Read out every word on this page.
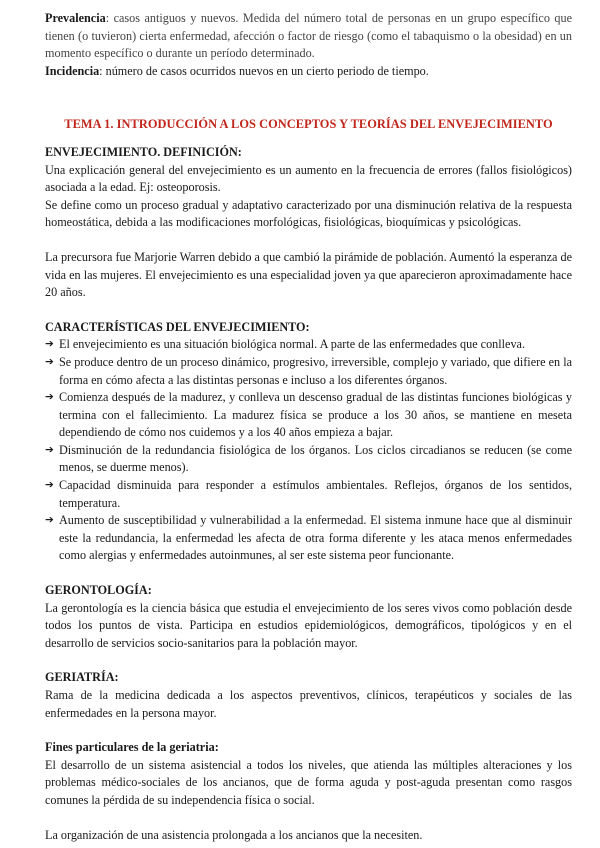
Prevalencia: casos antiguos y nuevos. Medida del número total de personas en un grupo específico que tienen (o tuvieron) cierta enfermedad, afección o factor de riesgo (como el tabaquismo o la obesidad) en un momento específico o durante un período determinado.

Incidencia: número de casos ocurridos nuevos en un cierto periodo de tiempo.

TEMA 1. INTRODUCCIÓN A LOS CONCEPTOS Y TEORÍAS DEL ENVEJECIMIENTO

ENVEJECIMIENTO. DEFINICIÓN:

Una explicación general del envejecimiento es un aumento en la frecuencia de errores (fallos fisiológicos) asociada a la edad. Ej: osteoporosis.

Se define como un proceso gradual y adaptativo caracterizado por una disminución relativa de la respuesta homeostática, debida a las modificaciones morfológicas, fisiológicas, bioquímicas y psicológicas.

La precursora fue Marjorie Warren debido a que cambió la pirámide de población. Aumentó la esperanza de vida en las mujeres. El envejecimiento es una especialidad joven ya que aparecieron aproximadamente hace 20 años.

CARACTERÍSTICAS DEL ENVEJECIMIENTO:

➔ El envejecimiento es una situación biológica normal. A parte de las enfermedades que conlleva.
➔ Se produce dentro de un proceso dinámico, progresivo, irreversible, complejo y variado, que difiere en la forma en cómo afecta a las distintas personas e incluso a los diferentes órganos.
➔ Comienza después de la madurez, y conlleva un descenso gradual de las distintas funciones biológicas y termina con el fallecimiento. La madurez física se produce a los 30 años, se mantiene en meseta dependiendo de cómo nos cuidemos y a los 40 años empieza a bajar.
➔ Disminución de la redundancia fisiológica de los órganos. Los ciclos circadianos se reducen (se come menos, se duerme menos).
➔ Capacidad disminuida para responder a estímulos ambientales. Reflejos, órganos de los sentidos, temperatura.
➔ Aumento de susceptibilidad y vulnerabilidad a la enfermedad. El sistema inmune hace que al disminuir este la redundancia, la enfermedad les afecta de otra forma diferente y les ataca menos enfermedades como alergias y enfermedades autoinmunes, al ser este sistema peor funcionante.

GERONTOLOGÍA:

La gerontología es la ciencia básica que estudia el envejecimiento de los seres vivos como población desde todos los puntos de vista. Participa en estudios epidemiológicos, demográficos, tipológicos y en el desarrollo de servicios socio-sanitarios para la población mayor.

GERIATRÍA:

Rama de la medicina dedicada a los aspectos preventivos, clínicos, terapéuticos y sociales de las enfermedades en la persona mayor.

Fines particulares de la geriatria:

El desarrollo de un sistema asistencial a todos los niveles, que atienda las múltiples alteraciones y los problemas médico-sociales de los ancianos, que de forma aguda y post-aguda presentan como rasgos comunes la pérdida de su independencia física o social.

La organización de una asistencia prolongada a los ancianos que la necesiten.
